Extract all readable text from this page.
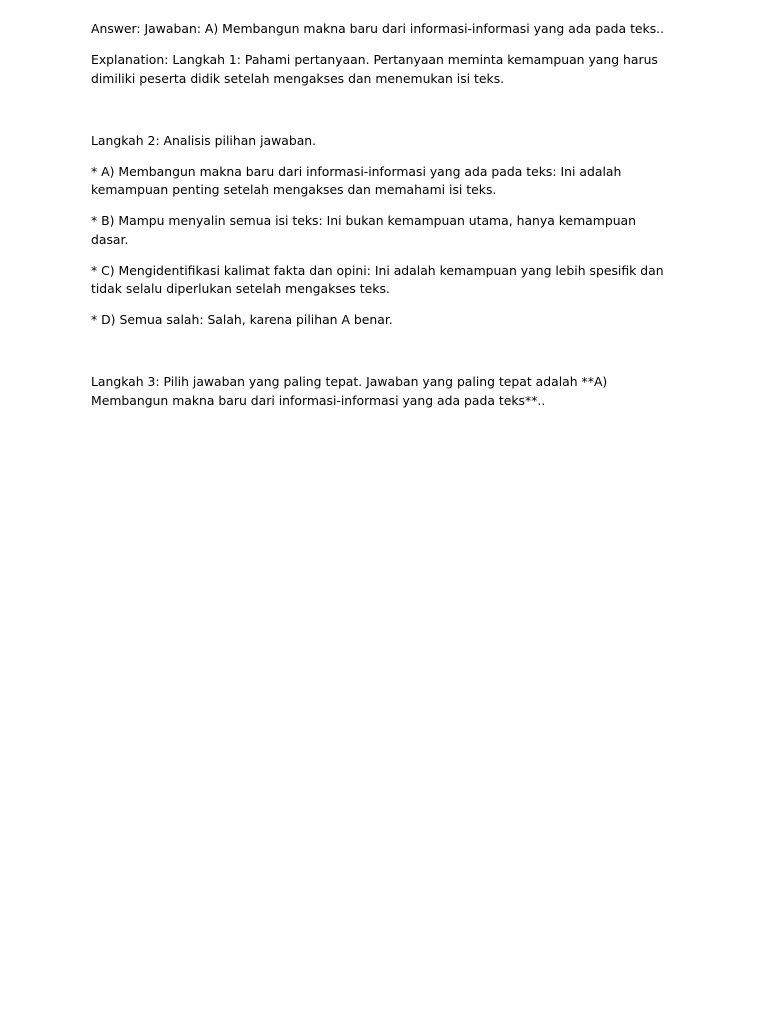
Answer: Jawaban: A) Membangun makna baru dari informasi-informasi yang ada pada teks..

Explanation: Langkah 1: Pahami pertanyaan. Pertanyaan meminta kemampuan yang harus dimiliki peserta didik setelah mengakses dan menemukan isi teks.

Langkah 2: Analisis pilihan jawaban.

* A) Membangun makna baru dari informasi-informasi yang ada pada teks: Ini adalah kemampuan penting setelah mengakses dan memahami isi teks.

* B) Mampu menyalin semua isi teks: Ini bukan kemampuan utama, hanya kemampuan dasar.

* C) Mengidentifikasi kalimat fakta dan opini: Ini adalah kemampuan yang lebih spesifik dan tidak selalu diperlukan setelah mengakses teks.

* D) Semua salah: Salah, karena pilihan A benar.

Langkah 3: Pilih jawaban yang paling tepat. Jawaban yang paling tepat adalah **A) Membangun makna baru dari informasi-informasi yang ada pada teks**..
